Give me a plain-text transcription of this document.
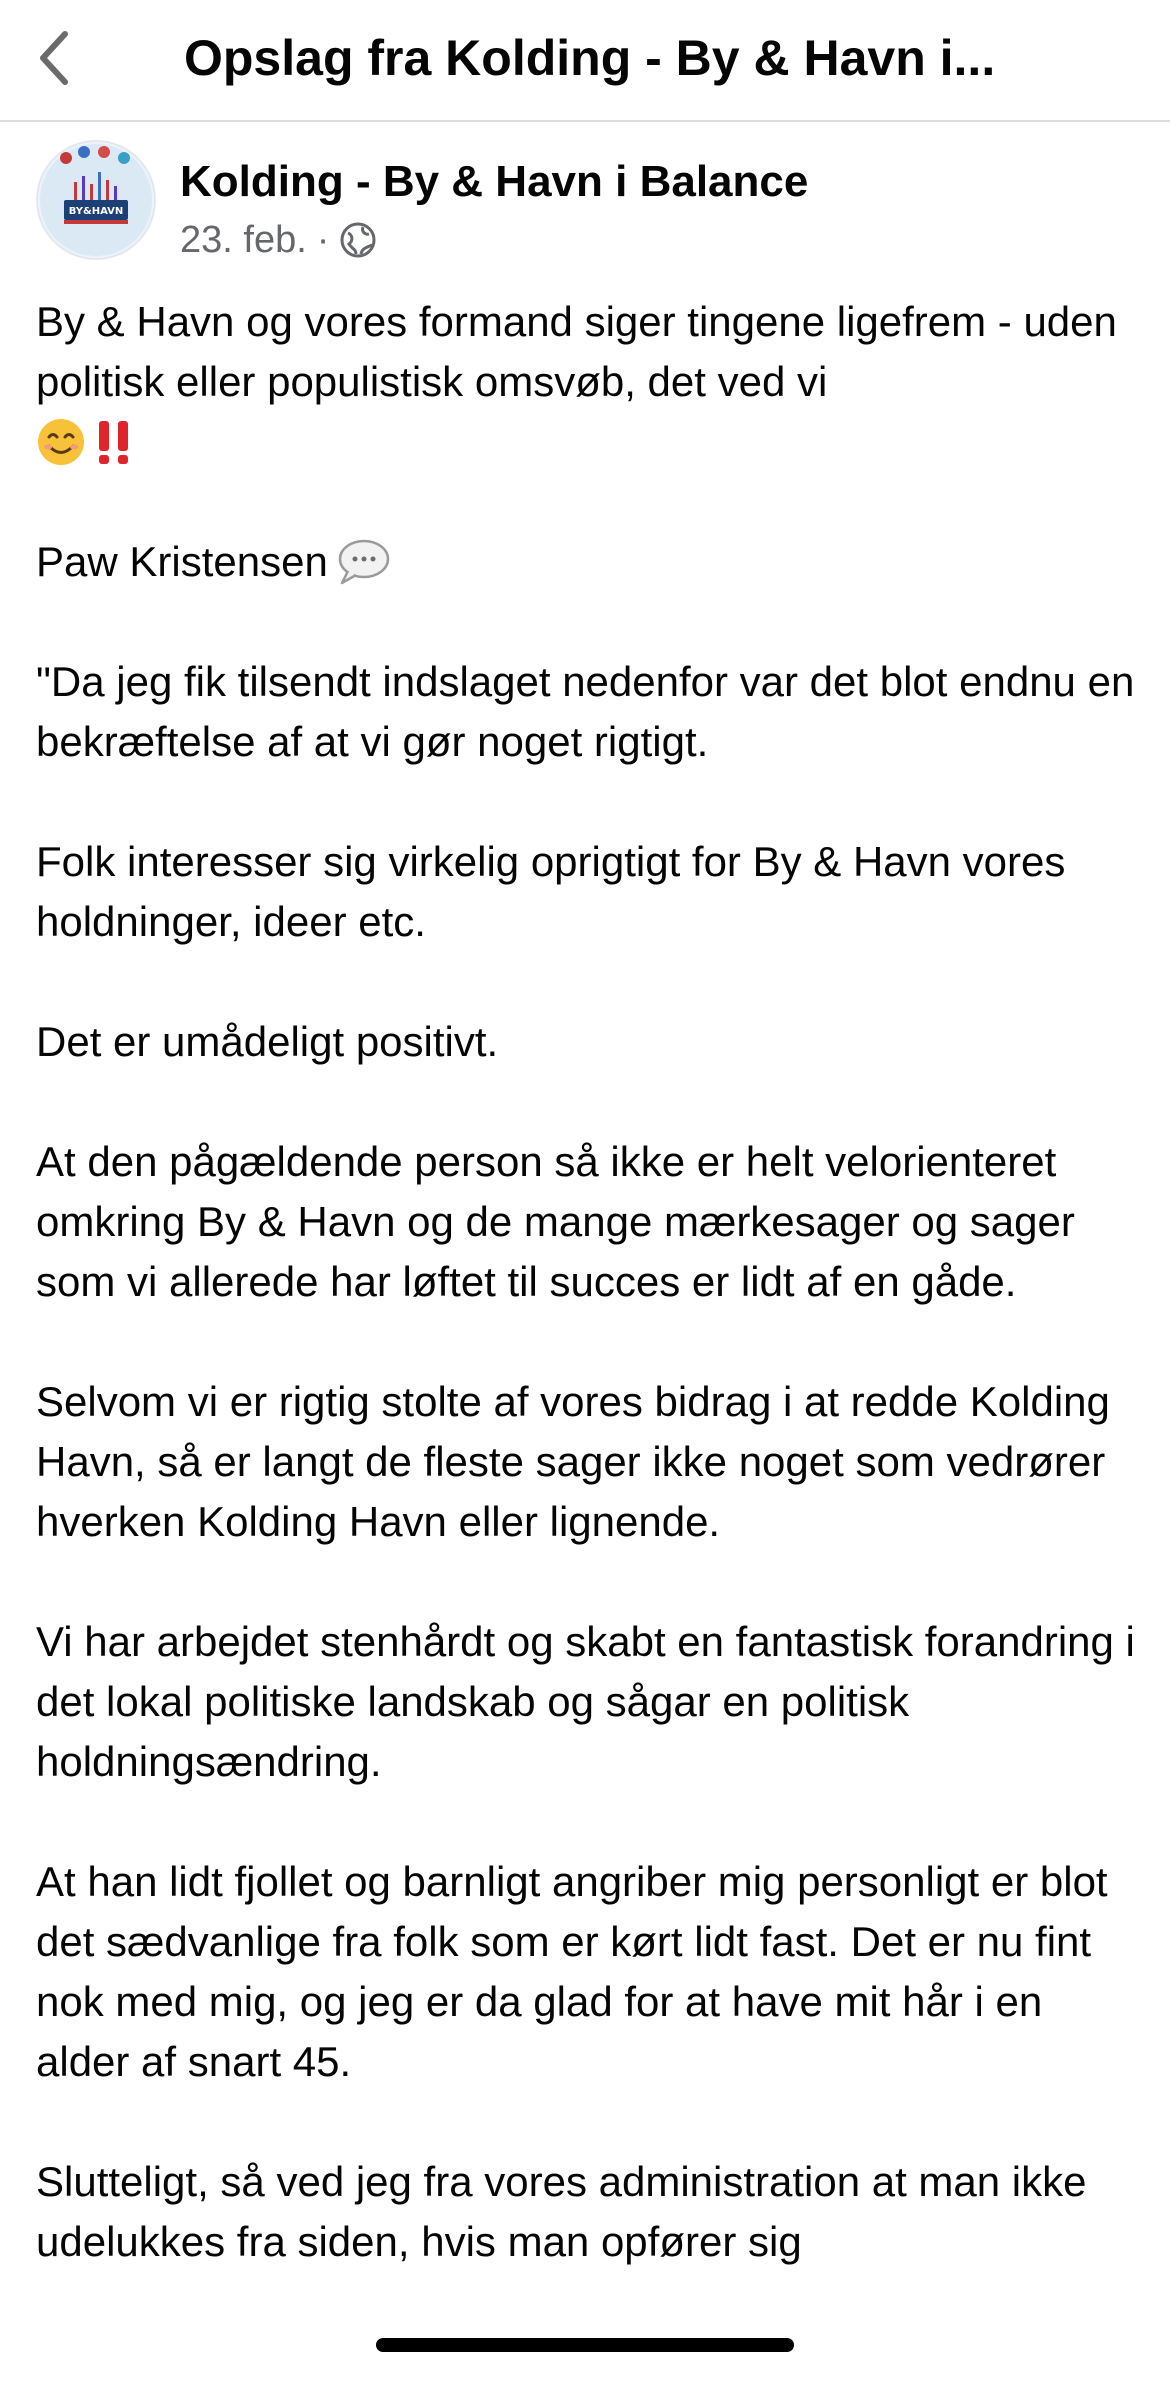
Opslag fra Kolding - By & Havn i...
BY&HAVN
Kolding - By & Havn i Balance
23. feb. ·
By & Havn og vores formand siger tingene ligefrem - uden politisk eller populistisk omsvøb, det ved vi
Paw Kristensen
"Da jeg fik tilsendt indslaget nedenfor var det blot endnu en bekræftelse af at vi gør noget rigtigt.
Folk interesser sig virkelig oprigtigt for By & Havn vores holdninger, ideer etc.
Det er umådeligt positivt.
At den pågældende person så ikke er helt velorienteret omkring By & Havn og de mange mærkesager og sager som vi allerede har løftet til succes er lidt af en gåde.
Selvom vi er rigtig stolte af vores bidrag i at redde Kolding Havn, så er langt de fleste sager ikke noget som vedrører hverken Kolding Havn eller lignende.
Vi har arbejdet stenhårdt og skabt en fantastisk forandring i det lokal politiske landskab og sågar en politisk holdningsændring.
At han lidt fjollet og barnligt angriber mig personligt er blot det sædvanlige fra folk som er kørt lidt fast. Det er nu fint nok med mig, og jeg er da glad for at have mit hår i en alder af snart 45.
Slutteligt, så ved jeg fra vores administration at man ikke udelukkes fra siden, hvis man opfører sig
